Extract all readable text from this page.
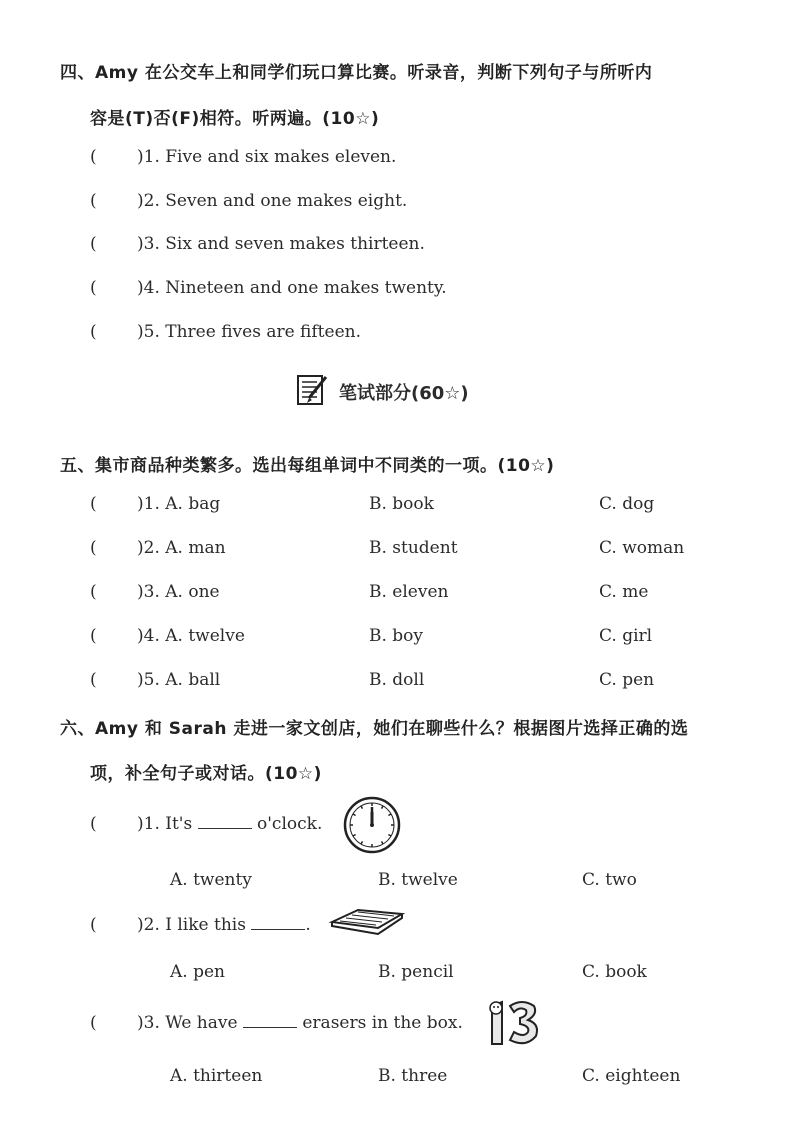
四、Amy 在公交车上和同学们玩口算比赛。听录音，判断下列句子与所听内
容是(T)否(F)相符。听两遍。(10☆)
( )1. Five and six makes eleven.
( )2. Seven and one makes eight.
( )3. Six and seven makes thirteen.
( )4. Nineteen and one makes twenty.
( )5. Three fives are fifteen.
笔试部分(60☆)
五、集市商品种类繁多。选出每组单词中不同类的一项。(10☆)
( )1. A. bag	B. book	C. dog
( )2. A. man	B. student	C. woman
( )3. A. one	B. eleven	C. me
( )4. A. twelve	B. boy	C. girl
( )5. A. ball	B. doll	C. pen
六、Amy 和 Sarah 走进一家文创店，她们在聊些什么？根据图片选择正确的选
项，补全句子或对话。(10☆)
( )1. It's	o'clock.
A. twenty	B. twelve	C. two
( )2. I like this	.
A. pen	B. pencil	C. book
( )3. We have	erasers in the box.
A. thirteen	B. three	C. eighteen
